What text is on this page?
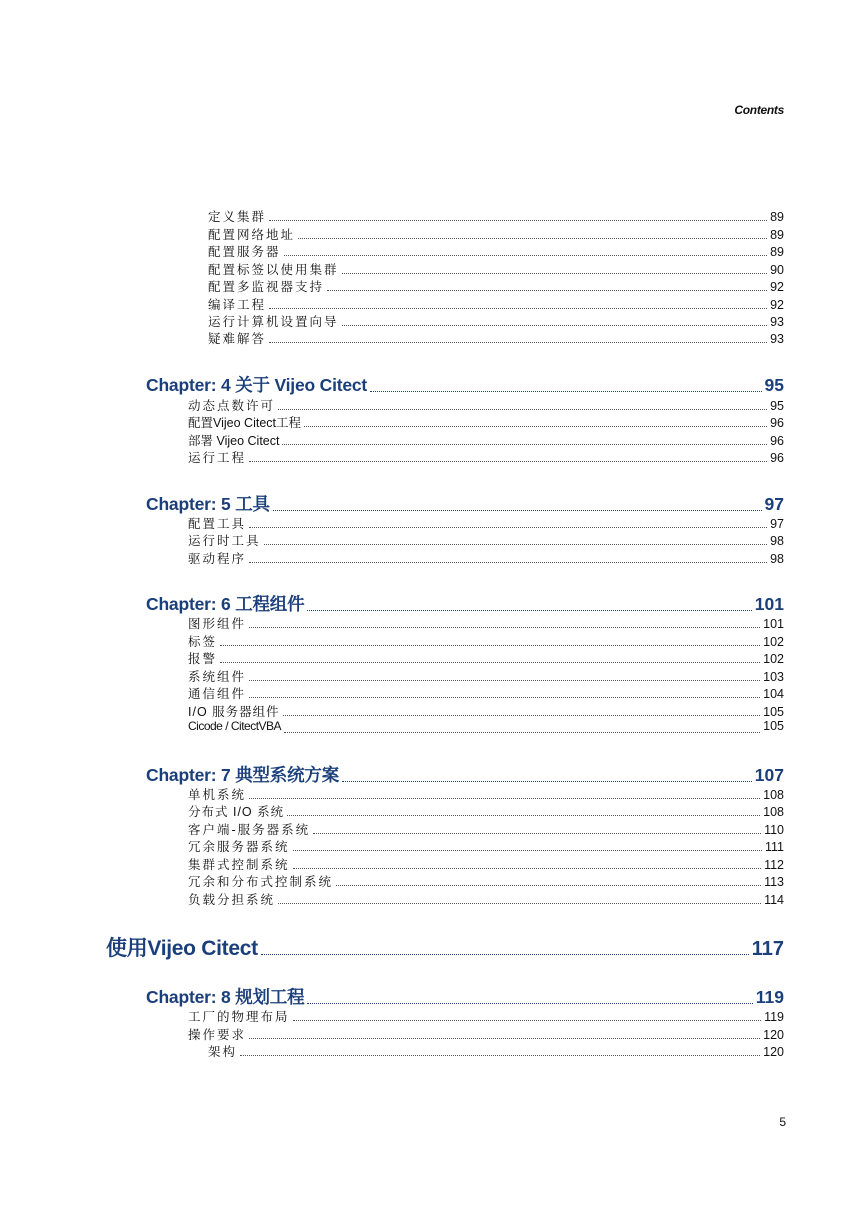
Contents
定义集群	89
配置网络地址	89
配置服务器	89
配置标签以使用集群	90
配置多监视器支持	92
编译工程	92
运行计算机设置向导	93
疑难解答	93
Chapter: 4 关于 Vijeo Citect	95
动态点数许可	95
配置Vijeo Citect工程	96
部署 Vijeo Citect	96
运行工程	96
Chapter: 5 工具	97
配置工具	97
运行时工具	98
驱动程序	98
Chapter: 6 工程组件	101
图形组件	101
标签	102
报警	102
系统组件	103
通信组件	104
I/O 服务器组件	105
Cicode / CitectVBA	105
Chapter: 7 典型系统方案	107
单机系统	108
分布式 I/O 系统	108
客户端-服务器系统	110
冗余服务器系统	111
集群式控制系统	112
冗余和分布式控制系统	113
负载分担系统	114
使用Vijeo Citect	117
Chapter: 8 规划工程	119
工厂的物理布局	119
操作要求	120
架构	120
5
